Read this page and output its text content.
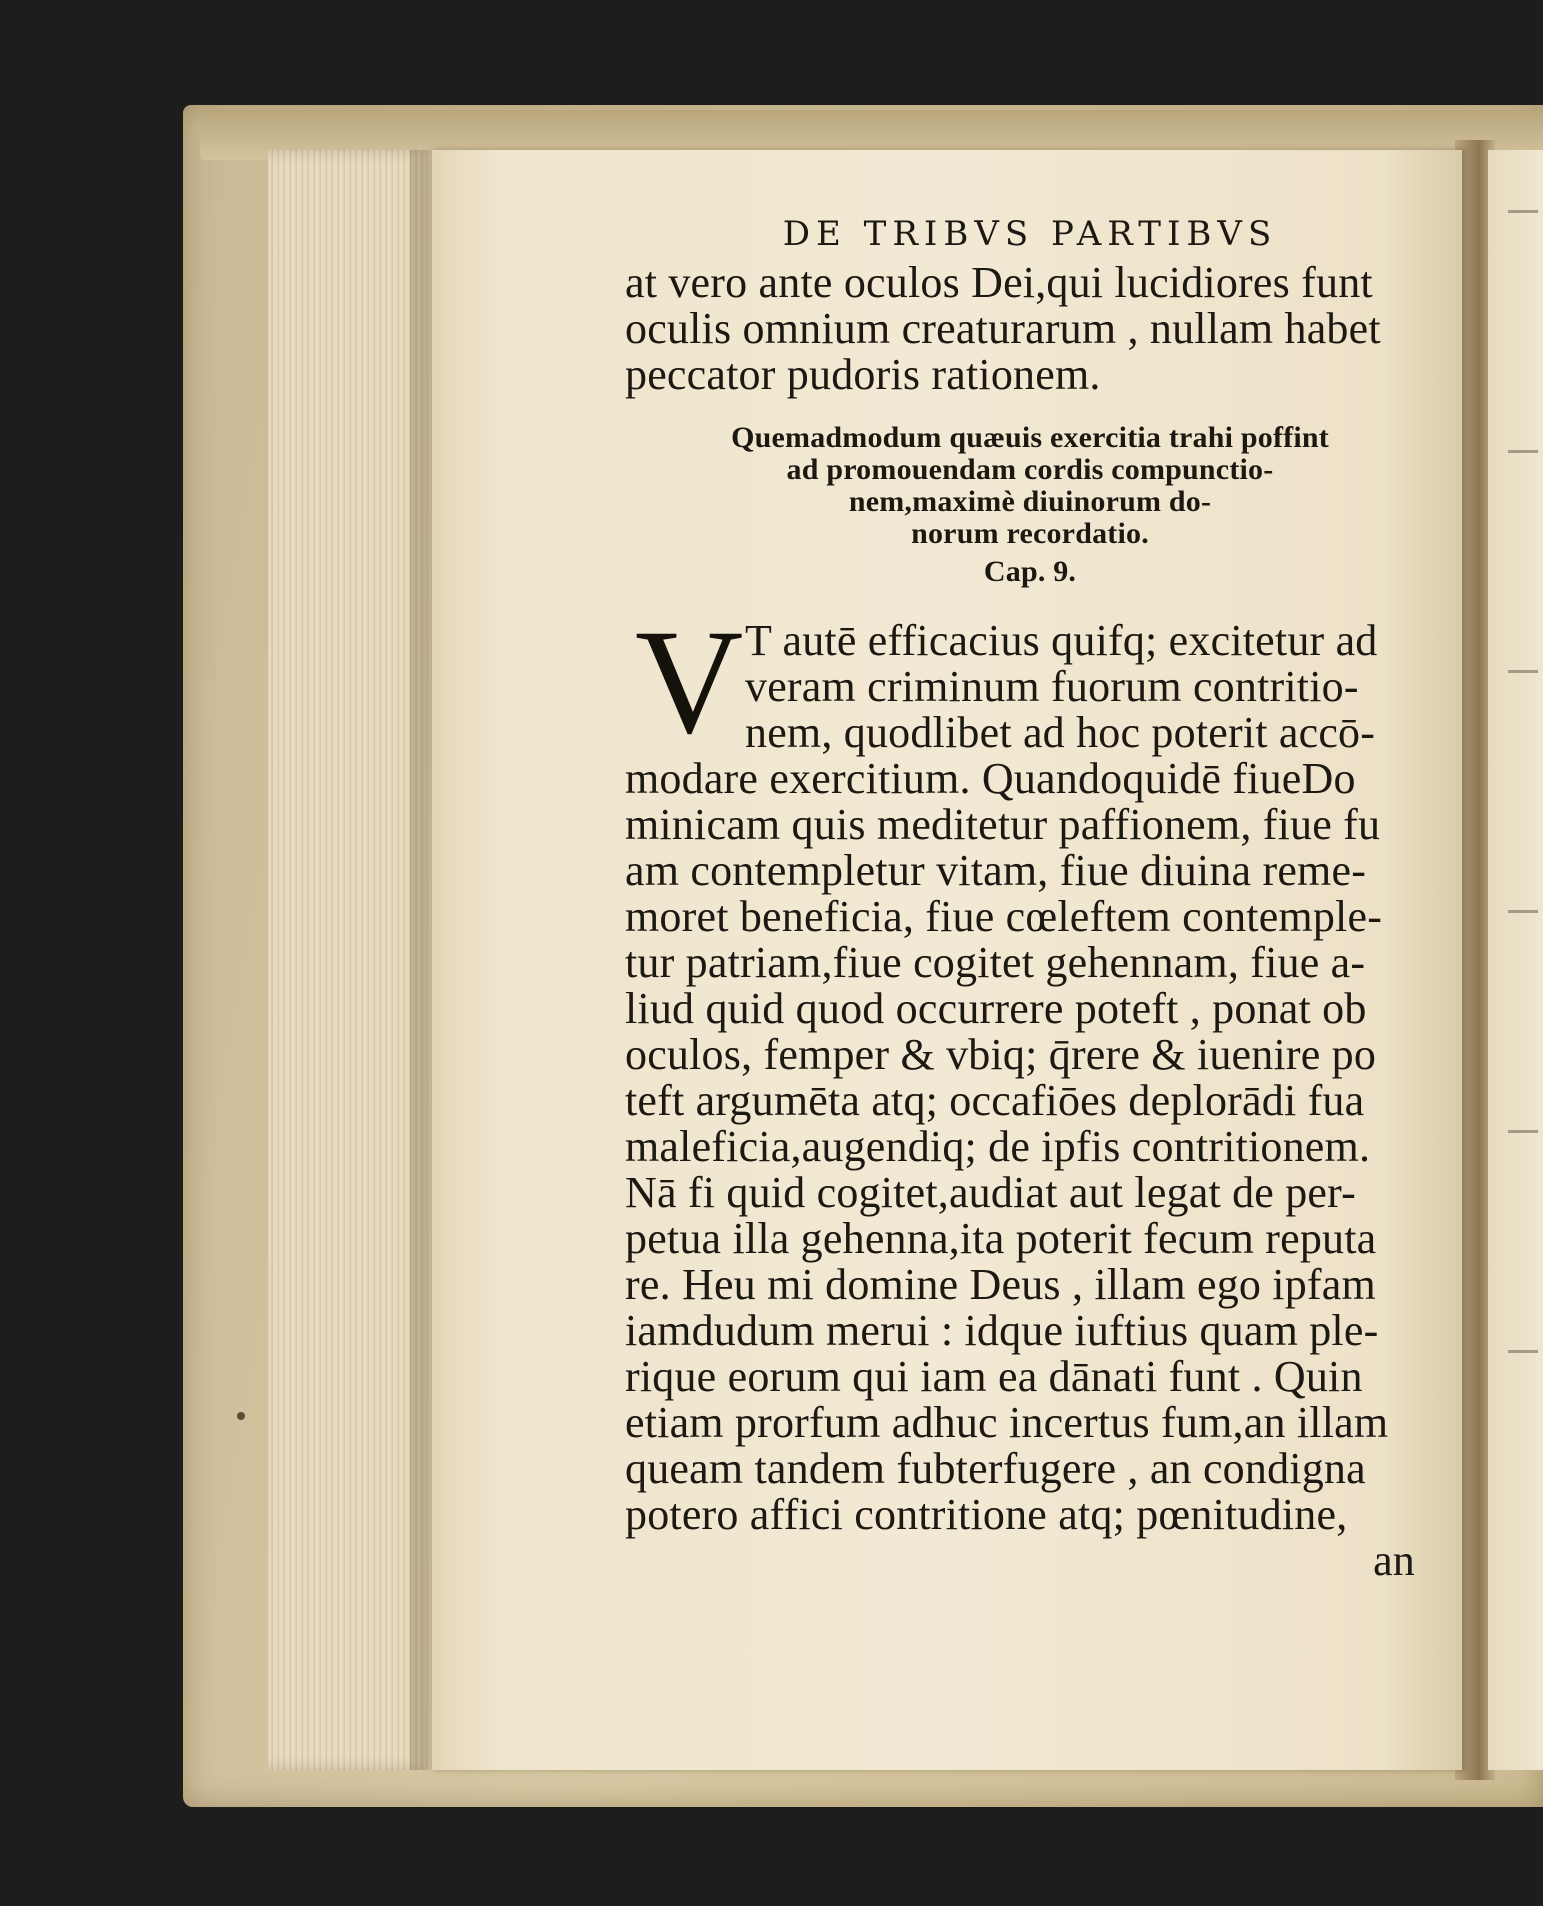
DE TRIBVS PARTIBVS
at vero ante oculos Dei,qui lucidiores funt
oculis omnium creaturarum , nullam habet
peccator pudoris rationem.
Quemadmodum quæuis exercitia trahi poffint
ad promouendam cordis compunctio-
nem,maximè diuinorum do-
norum recordatio.
Cap. 9.
V T autē efficacius quifq; excitetur ad
veram criminum fuorum contritio-
nem, quodlibet ad hoc poterit accō-
modare exercitium. Quandoquidē fiueDo
minicam quis meditetur paffionem, fiue fu
am contempletur vitam, fiue diuina reme-
moret beneficia, fiue cœleftem contemple-
tur patriam,fiue cogitet gehennam, fiue a-
liud quid quod occurrere poteft , ponat ob
oculos, femper & vbiq; q̄rere & iuenire po
teft argumēta atq; occafiōes deplorādi fua
maleficia,augendiq; de ipfis contritionem.
Nā fi quid cogitet,audiat aut legat de per-
petua illa gehenna,ita poterit fecum reputa
re. Heu mi domine Deus , illam ego ipfam
iamdudum merui : idque iuftius quam ple-
rique eorum qui iam ea dānati funt . Quin
etiam prorfum adhuc incertus fum,an illam
queam tandem fubterfugere , an condigna
potero affici contritione atq; pœnitudine,
an
